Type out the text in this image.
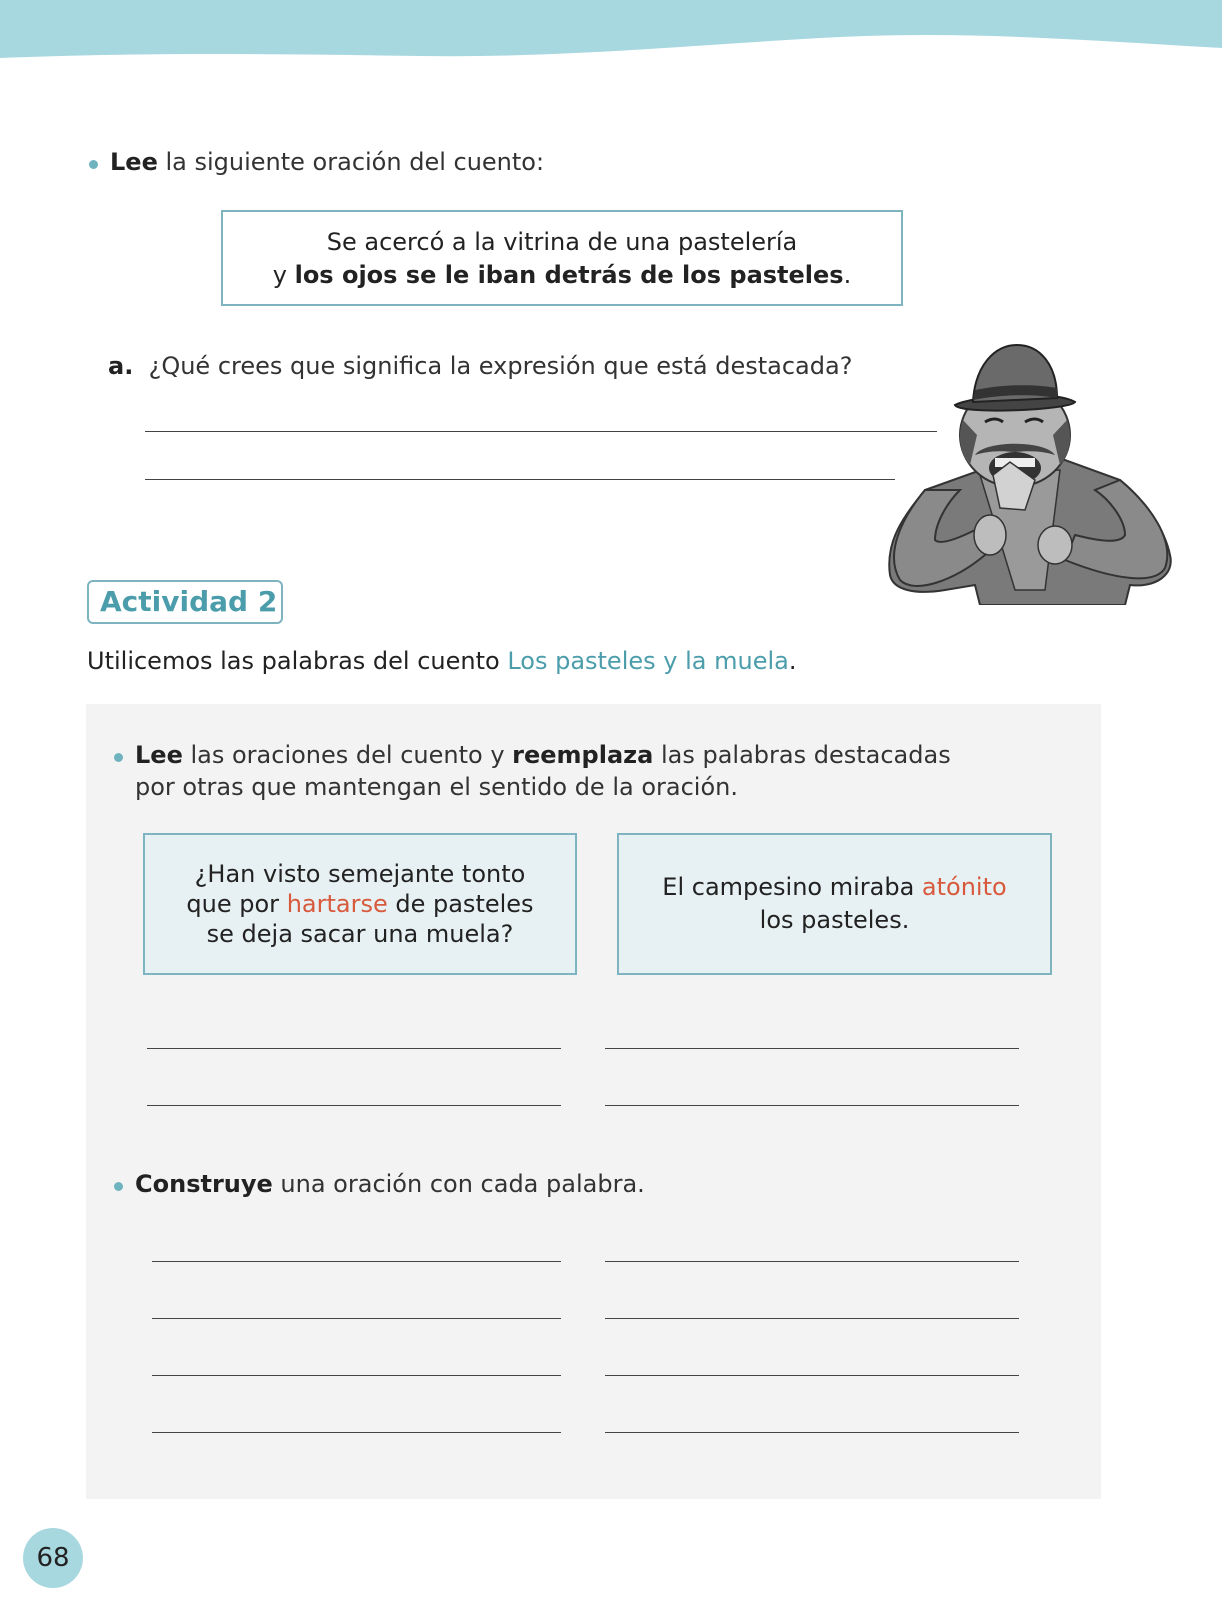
Lee la siguiente oración del cuento:
Se acercó a la vitrina de una pastelería
y los ojos se le iban detrás de los pasteles.
a. ¿Qué crees que significa la expresión que está destacada?
Actividad 2
Utilicemos las palabras del cuento Los pasteles y la muela.
Lee las oraciones del cuento y reemplaza las palabras destacadas
por otras que mantengan el sentido de la oración.
¿Han visto semejante tonto
que por hartarse de pasteles
se deja sacar una muela?
El campesino miraba atónito
los pasteles.
Construye una oración con cada palabra.
68
